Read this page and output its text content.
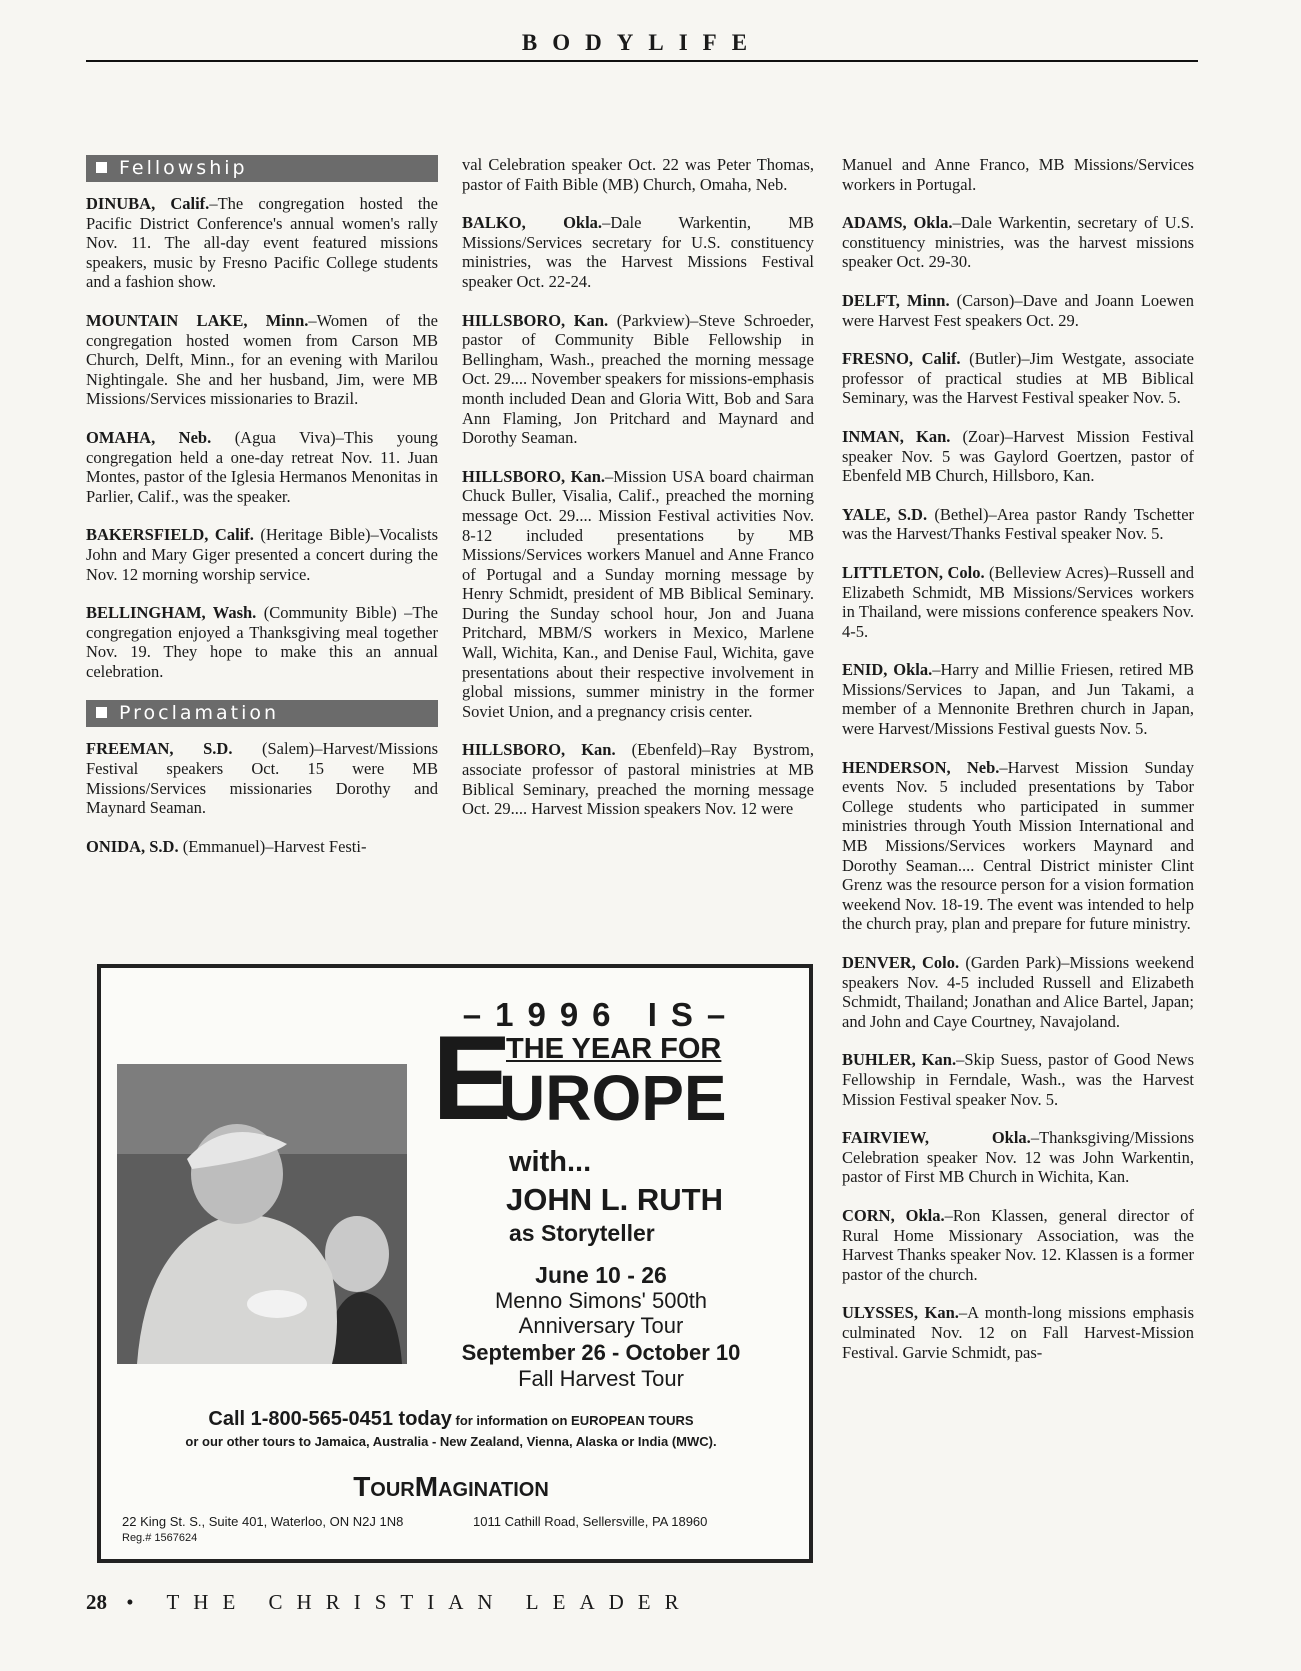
BODYLIFE
Fellowship

DINUBA, Calif.–The congregation hosted the Pacific District Conference's annual women's rally Nov. 11. The all-day event featured missions speakers, music by Fresno Pacific College students and a fashion show.

MOUNTAIN LAKE, Minn.–Women of the congregation hosted women from Carson MB Church, Delft, Minn., for an evening with Marilou Nightingale. She and her husband, Jim, were MB Missions/Services missionaries to Brazil.

OMAHA, Neb. (Agua Viva)–This young congregation held a one-day retreat Nov. 11. Juan Montes, pastor of the Iglesia Hermanos Menonitas in Parlier, Calif., was the speaker.

BAKERSFIELD, Calif. (Heritage Bible)–Vocalists John and Mary Giger presented a concert during the Nov. 12 morning worship service.

BELLINGHAM, Wash. (Community Bible) –The congregation enjoyed a Thanksgiving meal together Nov. 19. They hope to make this an annual celebration.

Proclamation

FREEMAN, S.D. (Salem)–Harvest/Missions Festival speakers Oct. 15 were MB Missions/Services missionaries Dorothy and Maynard Seaman.

ONIDA, S.D. (Emmanuel)–Harvest Festi-

val Celebration speaker Oct. 22 was Peter Thomas, pastor of Faith Bible (MB) Church, Omaha, Neb.

BALKO, Okla.–Dale Warkentin, MB Missions/Services secretary for U.S. constituency ministries, was the Harvest Missions Festival speaker Oct. 22-24.

HILLSBORO, Kan. (Parkview)–Steve Schroeder, pastor of Community Bible Fellowship in Bellingham, Wash., preached the morning message Oct. 29.... November speakers for missions-emphasis month included Dean and Gloria Witt, Bob and Sara Ann Flaming, Jon Pritchard and Maynard and Dorothy Seaman.

HILLSBORO, Kan.–Mission USA board chairman Chuck Buller, Visalia, Calif., preached the morning message Oct. 29.... Mission Festival activities Nov. 8-12 included presentations by MB Missions/Services workers Manuel and Anne Franco of Portugal and a Sunday morning message by Henry Schmidt, president of MB Biblical Seminary. During the Sunday school hour, Jon and Juana Pritchard, MBM/S workers in Mexico, Marlene Wall, Wichita, Kan., and Denise Faul, Wichita, gave presentations about their respective involvement in global missions, summer ministry in the former Soviet Union, and a pregnancy crisis center.

HILLSBORO, Kan. (Ebenfeld)–Ray Bystrom, associate professor of pastoral ministries at MB Biblical Seminary, preached the morning message Oct. 29.... Harvest Mission speakers Nov. 12 were

Manuel and Anne Franco, MB Missions/Services workers in Portugal.

ADAMS, Okla.–Dale Warkentin, secretary of U.S. constituency ministries, was the harvest missions speaker Oct. 29-30.

DELFT, Minn. (Carson)–Dave and Joann Loewen were Harvest Fest speakers Oct. 29.

FRESNO, Calif. (Butler)–Jim Westgate, associate professor of practical studies at MB Biblical Seminary, was the Harvest Festival speaker Nov. 5.

INMAN, Kan. (Zoar)–Harvest Mission Festival speaker Nov. 5 was Gaylord Goertzen, pastor of Ebenfeld MB Church, Hillsboro, Kan.

YALE, S.D. (Bethel)–Area pastor Randy Tschetter was the Harvest/Thanks Festival speaker Nov. 5.

LITTLETON, Colo. (Belleview Acres)–Russell and Elizabeth Schmidt, MB Missions/Services workers in Thailand, were missions conference speakers Nov. 4-5.

ENID, Okla.–Harry and Millie Friesen, retired MB Missions/Services to Japan, and Jun Takami, a member of a Mennonite Brethren church in Japan, were Harvest/Missions Festival guests Nov. 5.

HENDERSON, Neb.–Harvest Mission Sunday events Nov. 5 included presentations by Tabor College students who participated in summer ministries through Youth Mission International and MB Missions/Services workers Maynard and Dorothy Seaman.... Central District minister Clint Grenz was the resource person for a vision formation weekend Nov. 18-19. The event was intended to help the church pray, plan and prepare for future ministry.

DENVER, Colo. (Garden Park)–Missions weekend speakers Nov. 4-5 included Russell and Elizabeth Schmidt, Thailand; Jonathan and Alice Bartel, Japan; and John and Caye Courtney, Navajoland.

BUHLER, Kan.–Skip Suess, pastor of Good News Fellowship in Ferndale, Wash., was the Harvest Mission Festival speaker Nov. 5.

FAIRVIEW, Okla.–Thanksgiving/Missions Celebration speaker Nov. 12 was John Warkentin, pastor of First MB Church in Wichita, Kan.

CORN, Okla.–Ron Klassen, general director of Rural Home Missionary Association, was the Harvest Thanks speaker Nov. 12. Klassen is a former pastor of the church.

ULYSSES, Kan.–A month-long missions emphasis culminated Nov. 12 on Fall Harvest-Mission Festival. Garvie Schmidt, pas-

–1996 IS–
THE YEAR FOR
E
UROPE
with...
JOHN L. RUTH
as Storyteller
June 10 - 26
Menno Simons' 500th
Anniversary Tour
September 26 - October 10
Fall Harvest Tour
Call 1-800-565-0451 today for information on EUROPEAN TOURS
or our other tours to Jamaica, Australia - New Zealand, Vienna, Alaska or India (MWC).
TOURMAGINATION
22 King St. S., Suite 401, Waterloo, ON N2J 1N8	1011 Cathill Road, Sellersville, PA 18960
Reg.# 1567624
28 • THE CHRISTIAN LEADER
